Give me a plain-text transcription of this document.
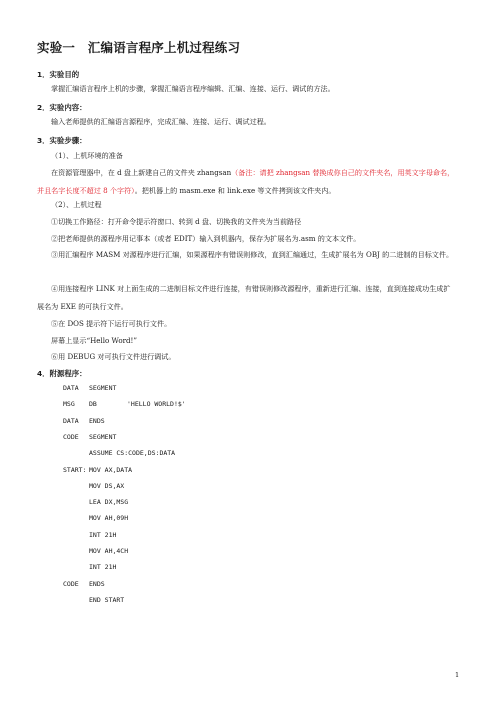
实验一　汇编语言程序上机过程练习
1．实验目的
掌握汇编语言程序上机的步骤，掌握汇编语言程序编辑、汇编、连接、运行、调试的方法。
2．实验内容：
输入老师提供的汇编语言源程序，完成汇编、连接、运行、调试过程。
3．实验步骤：
（1）、上机环境的准备
在资源管理器中，在 d 盘上新建自己的文件夹 zhangsan（备注：请把 zhangsan 替换成你自己的文件夹名，用英文字母命名，并且名字长度不超过 8 个字符）。把机器上的 masm.exe 和 link.exe 等文件拷到该文件夹内。
（2）、上机过程
①切换工作路径：打开命令提示符窗口、转到 d 盘、切换我的文件夹为当前路径
②把老师提供的源程序用记事本（或者 EDIT）输入到机器内，保存为扩展名为.asm 的文本文件。
③用汇编程序 MASM 对源程序进行汇编，如果源程序有错误则修改，直到汇编通过，生成扩展名为 OBJ 的二进制的目标文件。
④用连接程序 LINK 对上面生成的二进制目标文件进行连接，有错误则修改源程序，重新进行汇编、连接，直到连接成功生成扩展名为 EXE 的可执行文件。
⑤在 DOS 提示符下运行可执行文件。
屏幕上显示“Hello Word!”
⑥用 DEBUG 对可执行文件进行调试。
4．附源程序：
DATA SEGMENT
MSG DB	'HELLO WORLD!$'
DATA ENDS
CODE SEGMENT
ASSUME CS:CODE,DS:DATA
START: MOV AX,DATA
MOV DS,AX
LEA DX,MSG
MOV AH,09H
INT 21H
MOV AH,4CH
INT 21H
CODE ENDS
END START
1
